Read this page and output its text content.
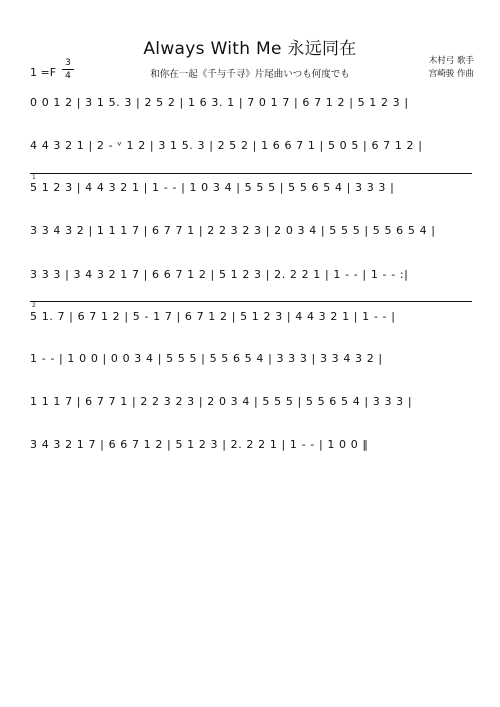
Always With Me 永远同在
1 =F
3
4	和你在一起《千与千寻》片尾曲いつも何度でも
木村弓 歌手
宫崎骏 作曲
0 0 1 2 | 3 1 5. 3 | 2 5 2 | 1 6 3. 1 | 7 0 1 7 | 6 7 1 2 | 5 1 2 3 |
4 4 3 2 1 | 2 - ᵛ 1 2 | 3 1 5. 3 | 2 5 2 | 1 6 6 7 1 | 5 0 5 | 6 7 1 2 |
1
5 1 2 3 | 4 4 3 2 1 | 1 - - | 1 0 3 4 | 5 5 5 | 5 5 6 5 4 | 3 3 3 |
3 3 4 3 2 | 1 1 1 7 | 6 7 7 1 | 2 2 3 2 3 | 2 0 3 4 | 5 5 5 | 5 5 6 5 4 |
3 3 3 | 3 4 3 2 1 7 | 6 6 7 1 2 | 5 1 2 3 | 2. 2 2 1 | 1 - - | 1 - - :|
2
5 1. 7 | 6 7 1 2 | 5 - 1 7 | 6 7 1 2 | 5 1 2 3 | 4 4 3 2 1 | 1 - - |
1 - - | 1 0 0 | 0 0 3 4 | 5 5 5 | 5 5 6 5 4 | 3 3 3 | 3 3 4 3 2 |
1 1 1 7 | 6 7 7 1 | 2 2 3 2 3 | 2 0 3 4 | 5 5 5 | 5 5 6 5 4 | 3 3 3 |
3 4 3 2 1 7 | 6 6 7 1 2 | 5 1 2 3 | 2. 2 2 1 | 1 - - | 1 0 0 ‖
